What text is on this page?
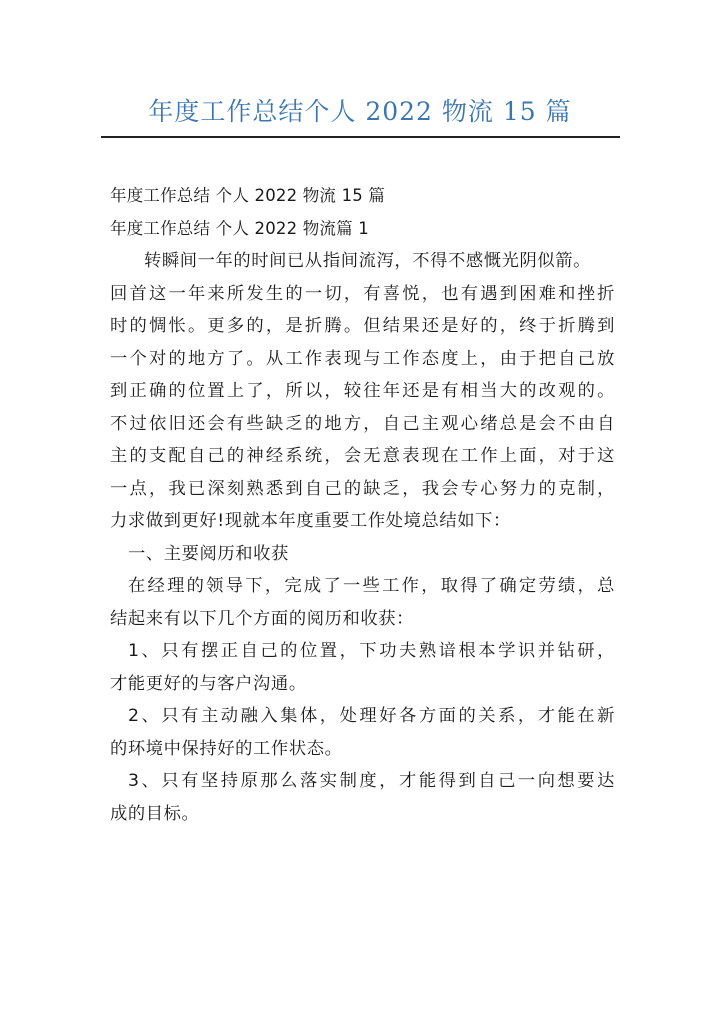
年度工作总结个人 2022 物流 15 篇
年度工作总结 个人 2022 物流 15 篇
年度工作总结 个人 2022 物流篇 1
转瞬间一年的时间已从指间流泻，不得不感慨光阴似箭。
回首这一年来所发生的一切，有喜悦，也有遇到困难和挫折
时的惆怅。更多的，是折腾。但结果还是好的，终于折腾到
一个对的地方了。从工作表现与工作态度上，由于把自己放
到正确的位置上了，所以，较往年还是有相当大的改观的。
不过依旧还会有些缺乏的地方，自己主观心绪总是会不由自
主的支配自己的神经系统，会无意表现在工作上面，对于这
一点，我已深刻熟悉到自己的缺乏，我会专心努力的克制，
力求做到更好!现就本年度重要工作处境总结如下：
一、主要阅历和收获
在经理的领导下，完成了一些工作，取得了确定劳绩，总
结起来有以下几个方面的阅历和收获：
1、只有摆正自己的位置，下功夫熟谙根本学识并钻研，
才能更好的与客户沟通。
2、只有主动融入集体，处理好各方面的关系，才能在新
的环境中保持好的工作状态。
3、只有坚持原那么落实制度，才能得到自己一向想要达
成的目标。
